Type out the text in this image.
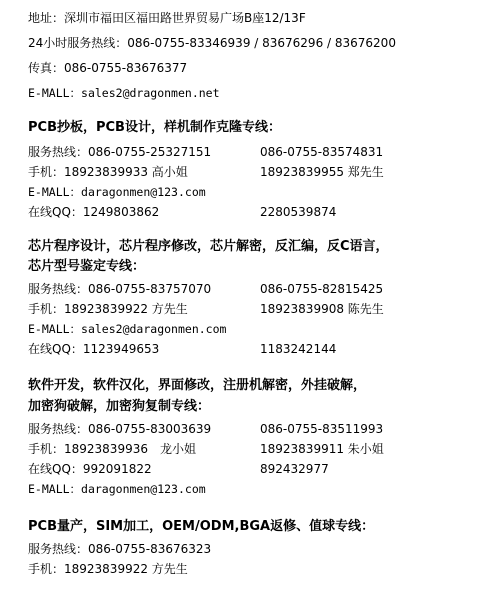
地址：深圳市福田区福田路世界贸易广场B座12/13F
24小时服务热线：086-0755-83346939 / 83676296 / 83676200
传真：086-0755-83676377
E-MALL：sales2@dragonmen.net
PCB抄板，PCB设计，样机制作克隆专线：
服务热线：086-0755-25327151	086-0755-83574831
手机：18923839933 高小姐	18923839955 郑先生
E-MALL：daragonmen@123.com
在线QQ：1249803862	2280539874
芯片程序设计，芯片程序修改，芯片解密，反汇编，反C语言，
芯片型号鉴定专线：
服务热线：086-0755-83757070	086-0755-82815425
手机：18923839922 方先生	18923839908 陈先生
E-MALL：sales2@daragonmen.com
在线QQ：1123949653	1183242144
软件开发，软件汉化，界面修改，注册机解密，外挂破解，
加密狗破解，加密狗复制专线：
服务热线：086-0755-83003639	086-0755-83511993
手机：18923839936　龙小姐	18923839911 朱小姐
在线QQ：992091822	892432977
E-MALL：daragonmen@123.com
PCB量产，SIM加工，OEM/ODM,BGA返修、值球专线：
服务热线：086-0755-83676323
手机：18923839922 方先生
